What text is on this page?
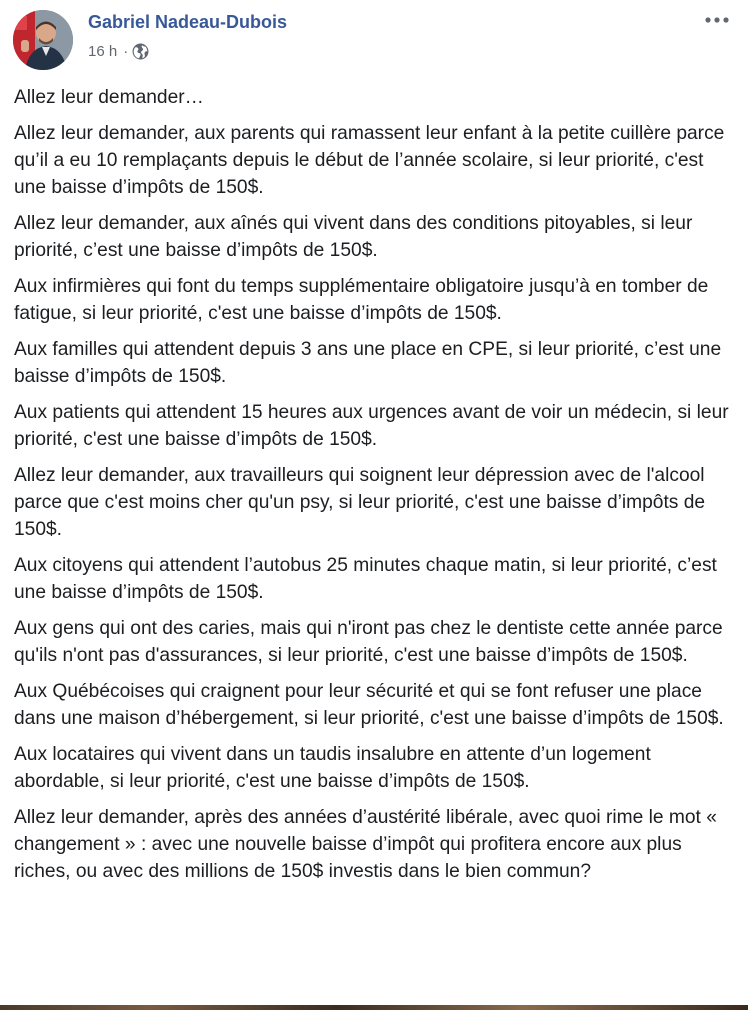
Gabriel Nadeau-Dubois
16 h ·

Allez leur demander…

Allez leur demander, aux parents qui ramassent leur enfant à la petite cuillère parce qu’il a eu 10 remplaçants depuis le début de l’année scolaire, si leur priorité, c'est une baisse d’impôts de 150$.

Allez leur demander, aux aînés qui vivent dans des conditions pitoyables, si leur priorité, c’est une baisse d’impôts de 150$.

Aux infirmières qui font du temps supplémentaire obligatoire jusqu’à en tomber de fatigue, si leur priorité, c'est une baisse d’impôts de 150$.

Aux familles qui attendent depuis 3 ans une place en CPE, si leur priorité, c’est une baisse d’impôts de 150$.

Aux patients qui attendent 15 heures aux urgences avant de voir un médecin, si leur priorité, c'est une baisse d’impôts de 150$.

Allez leur demander, aux travailleurs qui soignent leur dépression avec de l'alcool parce que c'est moins cher qu'un psy, si leur priorité, c'est une baisse d’impôts de 150$.

Aux citoyens qui attendent l’autobus 25 minutes chaque matin, si leur priorité, c’est une baisse d’impôts de 150$.

Aux gens qui ont des caries, mais qui n'iront pas chez le dentiste cette année parce qu'ils n'ont pas d'assurances, si leur priorité, c'est une baisse d’impôts de 150$.

Aux Québécoises qui craignent pour leur sécurité et qui se font refuser une place dans une maison d’hébergement, si leur priorité, c'est une baisse d’impôts de 150$.

Aux locataires qui vivent dans un taudis insalubre en attente d’un logement abordable, si leur priorité, c'est une baisse d’impôts de 150$.

Allez leur demander, après des années d’austérité libérale, avec quoi rime le mot « changement » : avec une nouvelle baisse d’impôt qui profitera encore aux plus riches, ou avec des millions de 150$ investis dans le bien commun?
